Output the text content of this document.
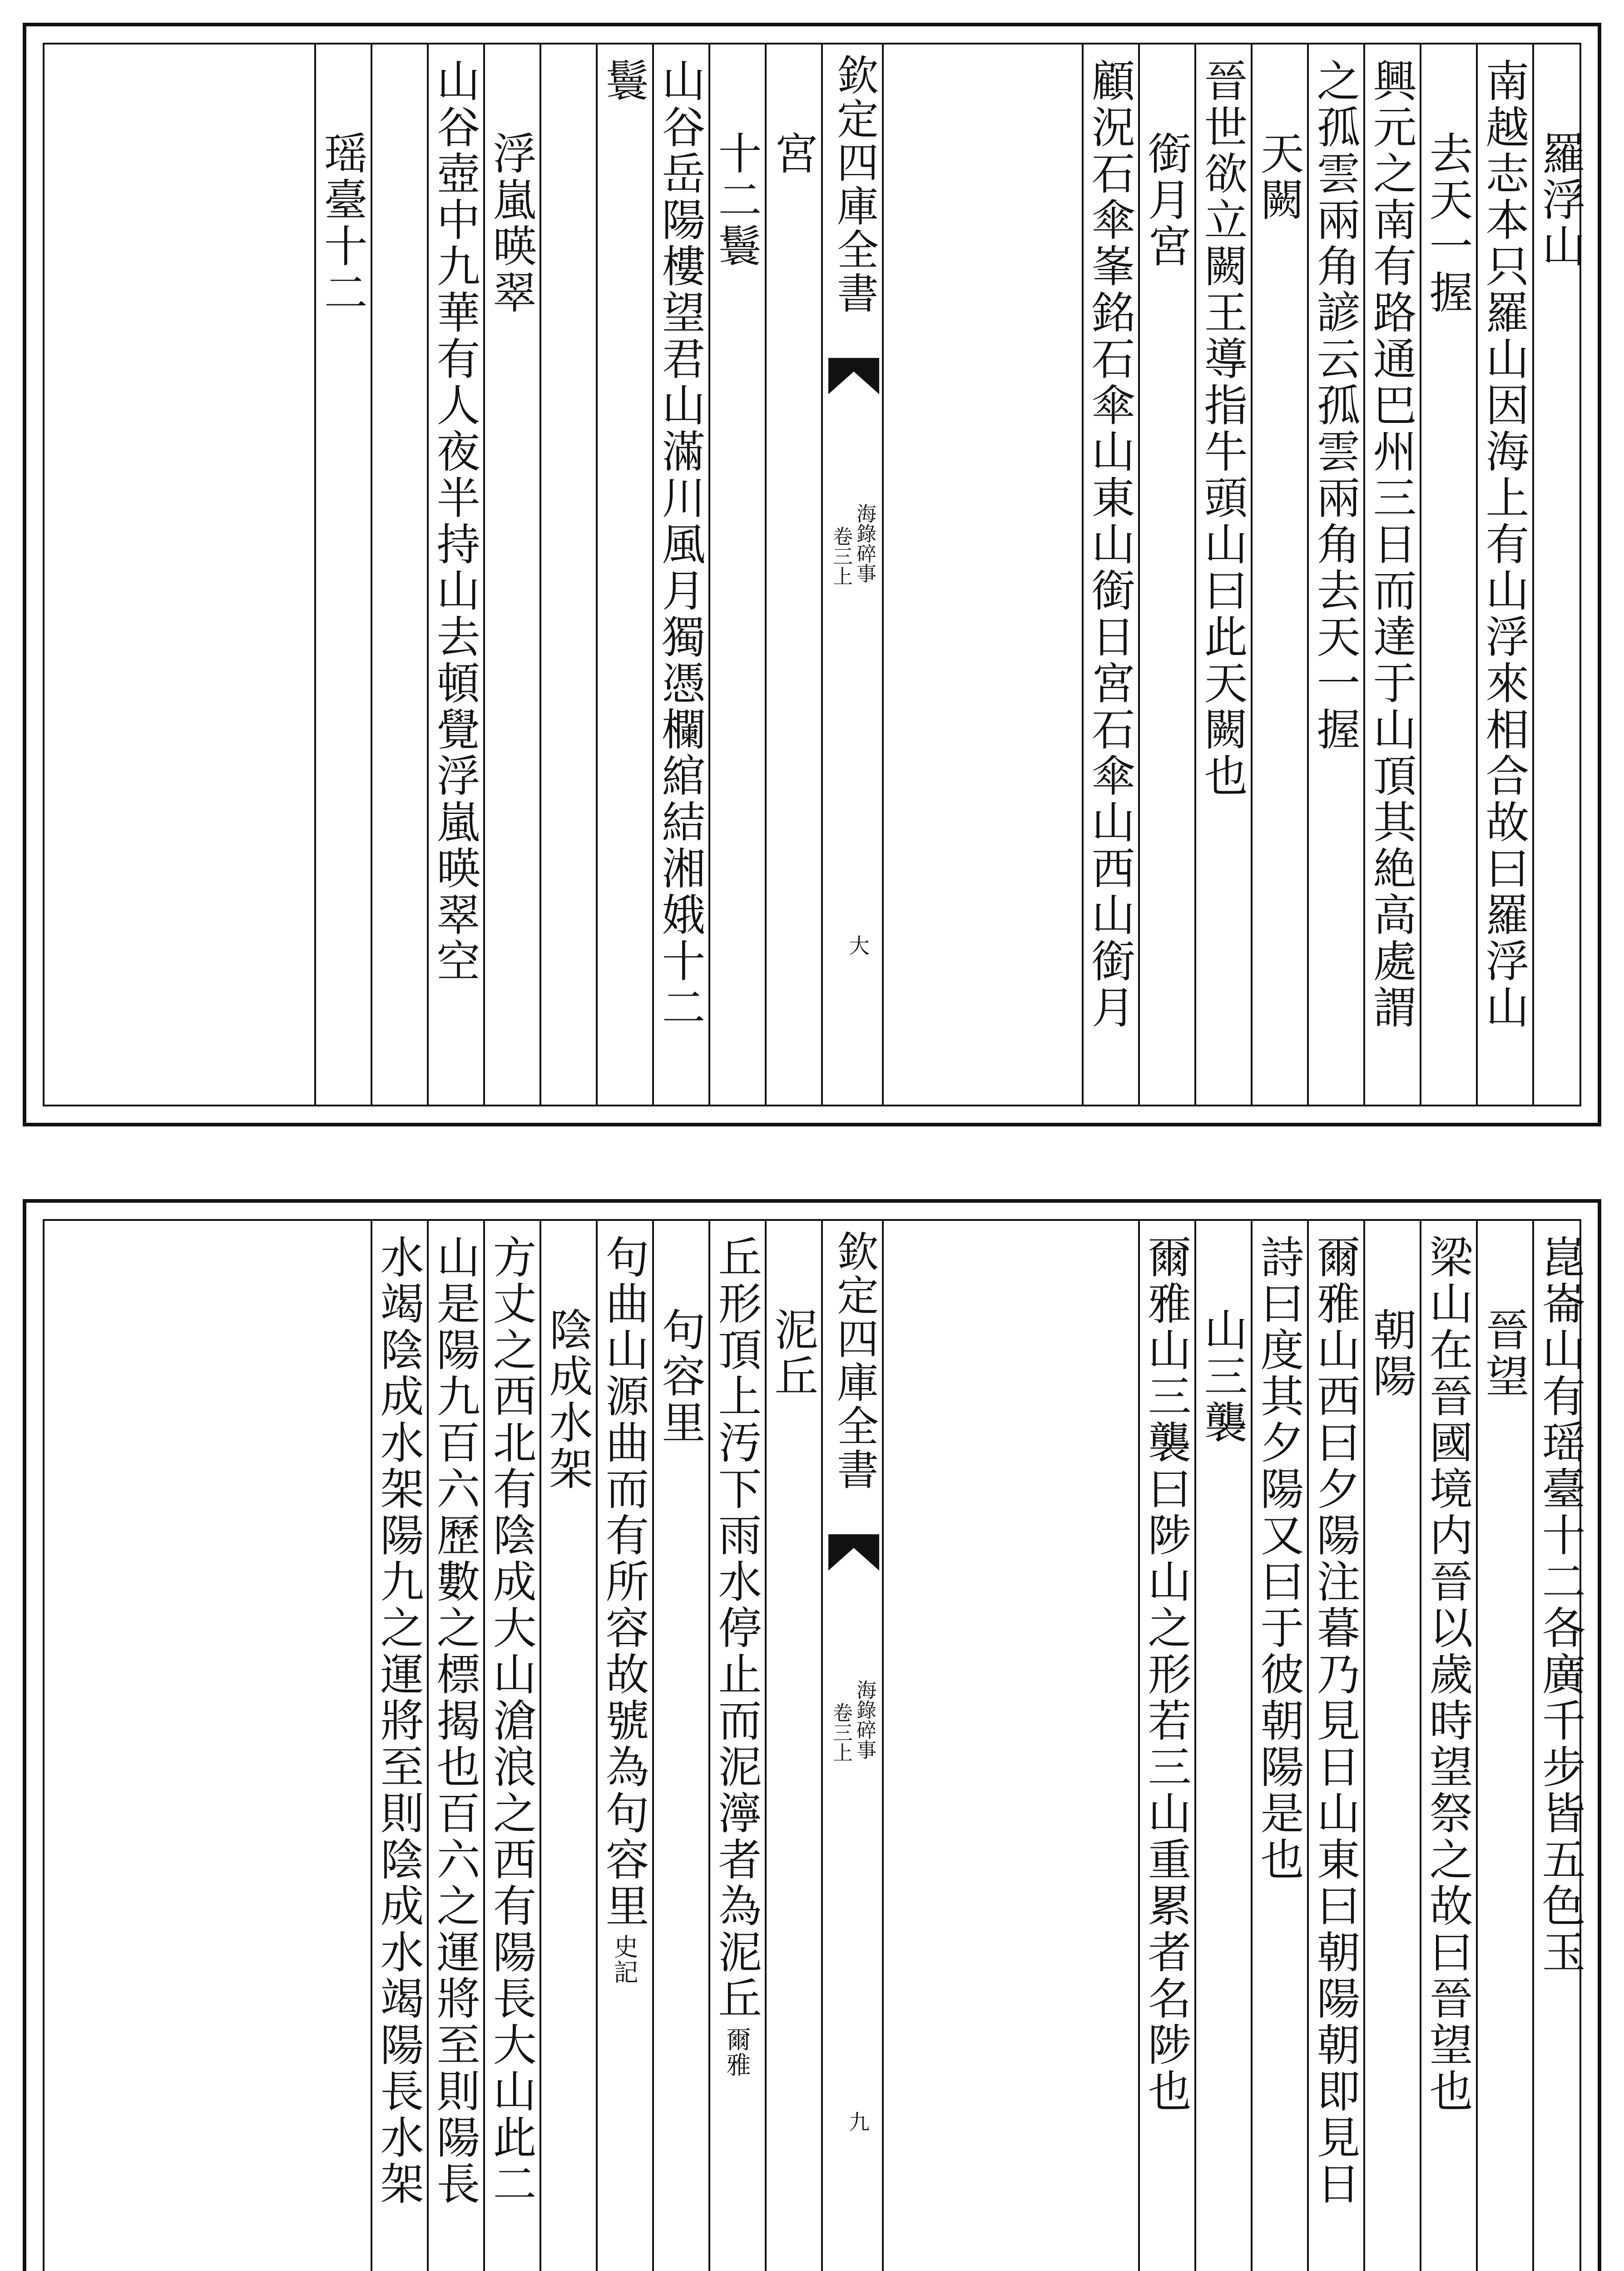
羅浮山
南越志本只羅山因海上有山浮來相合故曰羅浮山
去天一握
興元之南有路通巴州三日而達于山頂其絶高處謂
之孤雲兩角諺云孤雲兩角去天一握
天闕
晉世欲立闕王導指牛頭山曰此天闕也
銜月宮
顧況石傘峯銘石傘山東山銜日宮石傘山西山銜月
欽定四庫全書
海錄碎事
卷三上
大
宮
十二鬟
山谷岳陽樓望君山滿川風月獨憑欄綰結湘娥十二
鬟
浮嵐暎翠
山谷壺中九華有人夜半持山去頓覺浮嵐暎翠空
瑶臺十二
崑崙山有瑶臺十二各廣千步皆五色玉
晉望
梁山在晉國境内晉以歲時望祭之故曰晉望也
朝陽
爾雅山西曰夕陽注暮乃見日山東曰朝陽朝即見日
詩曰度其夕陽又曰于彼朝陽是也
山三襲
爾雅山三襲曰陟山之形若三山重累者名陟也
欽定四庫全書
海錄碎事
卷三上
九
泥丘
丘形頂上汚下雨水停止而泥濘者為泥丘爾雅
句容里
句曲山源曲而有所容故號為句容里史記
陰成水架
方丈之西北有陰成大山滄浪之西有陽長大山此二
山是陽九百六歷數之標揭也百六之運將至則陽長
水竭陰成水架陽九之運將至則陰成水竭陽長水架
